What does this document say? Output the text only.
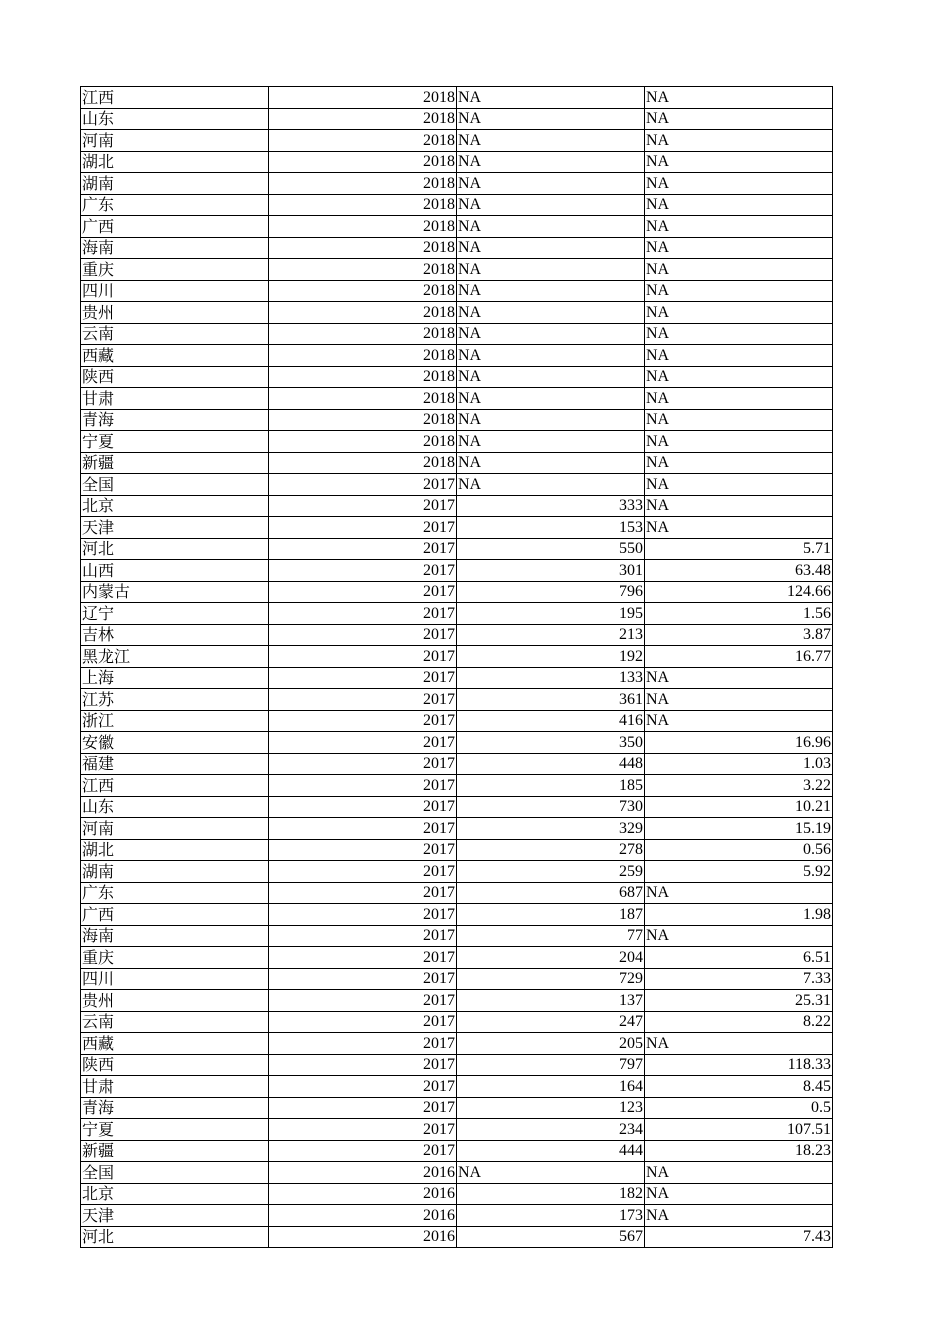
江西	2018	NA	NA
山东	2018	NA	NA
河南	2018	NA	NA
湖北	2018	NA	NA
湖南	2018	NA	NA
广东	2018	NA	NA
广西	2018	NA	NA
海南	2018	NA	NA
重庆	2018	NA	NA
四川	2018	NA	NA
贵州	2018	NA	NA
云南	2018	NA	NA
西藏	2018	NA	NA
陕西	2018	NA	NA
甘肃	2018	NA	NA
青海	2018	NA	NA
宁夏	2018	NA	NA
新疆	2018	NA	NA
全国	2017	NA	NA
北京	2017	333	NA
天津	2017	153	NA
河北	2017	550	5.71
山西	2017	301	63.48
内蒙古	2017	796	124.66
辽宁	2017	195	1.56
吉林	2017	213	3.87
黑龙江	2017	192	16.77
上海	2017	133	NA
江苏	2017	361	NA
浙江	2017	416	NA
安徽	2017	350	16.96
福建	2017	448	1.03
江西	2017	185	3.22
山东	2017	730	10.21
河南	2017	329	15.19
湖北	2017	278	0.56
湖南	2017	259	5.92
广东	2017	687	NA
广西	2017	187	1.98
海南	2017	77	NA
重庆	2017	204	6.51
四川	2017	729	7.33
贵州	2017	137	25.31
云南	2017	247	8.22
西藏	2017	205	NA
陕西	2017	797	118.33
甘肃	2017	164	8.45
青海	2017	123	0.5
宁夏	2017	234	107.51
新疆	2017	444	18.23
全国	2016	NA	NA
北京	2016	182	NA
天津	2016	173	NA
河北	2016	567	7.43
